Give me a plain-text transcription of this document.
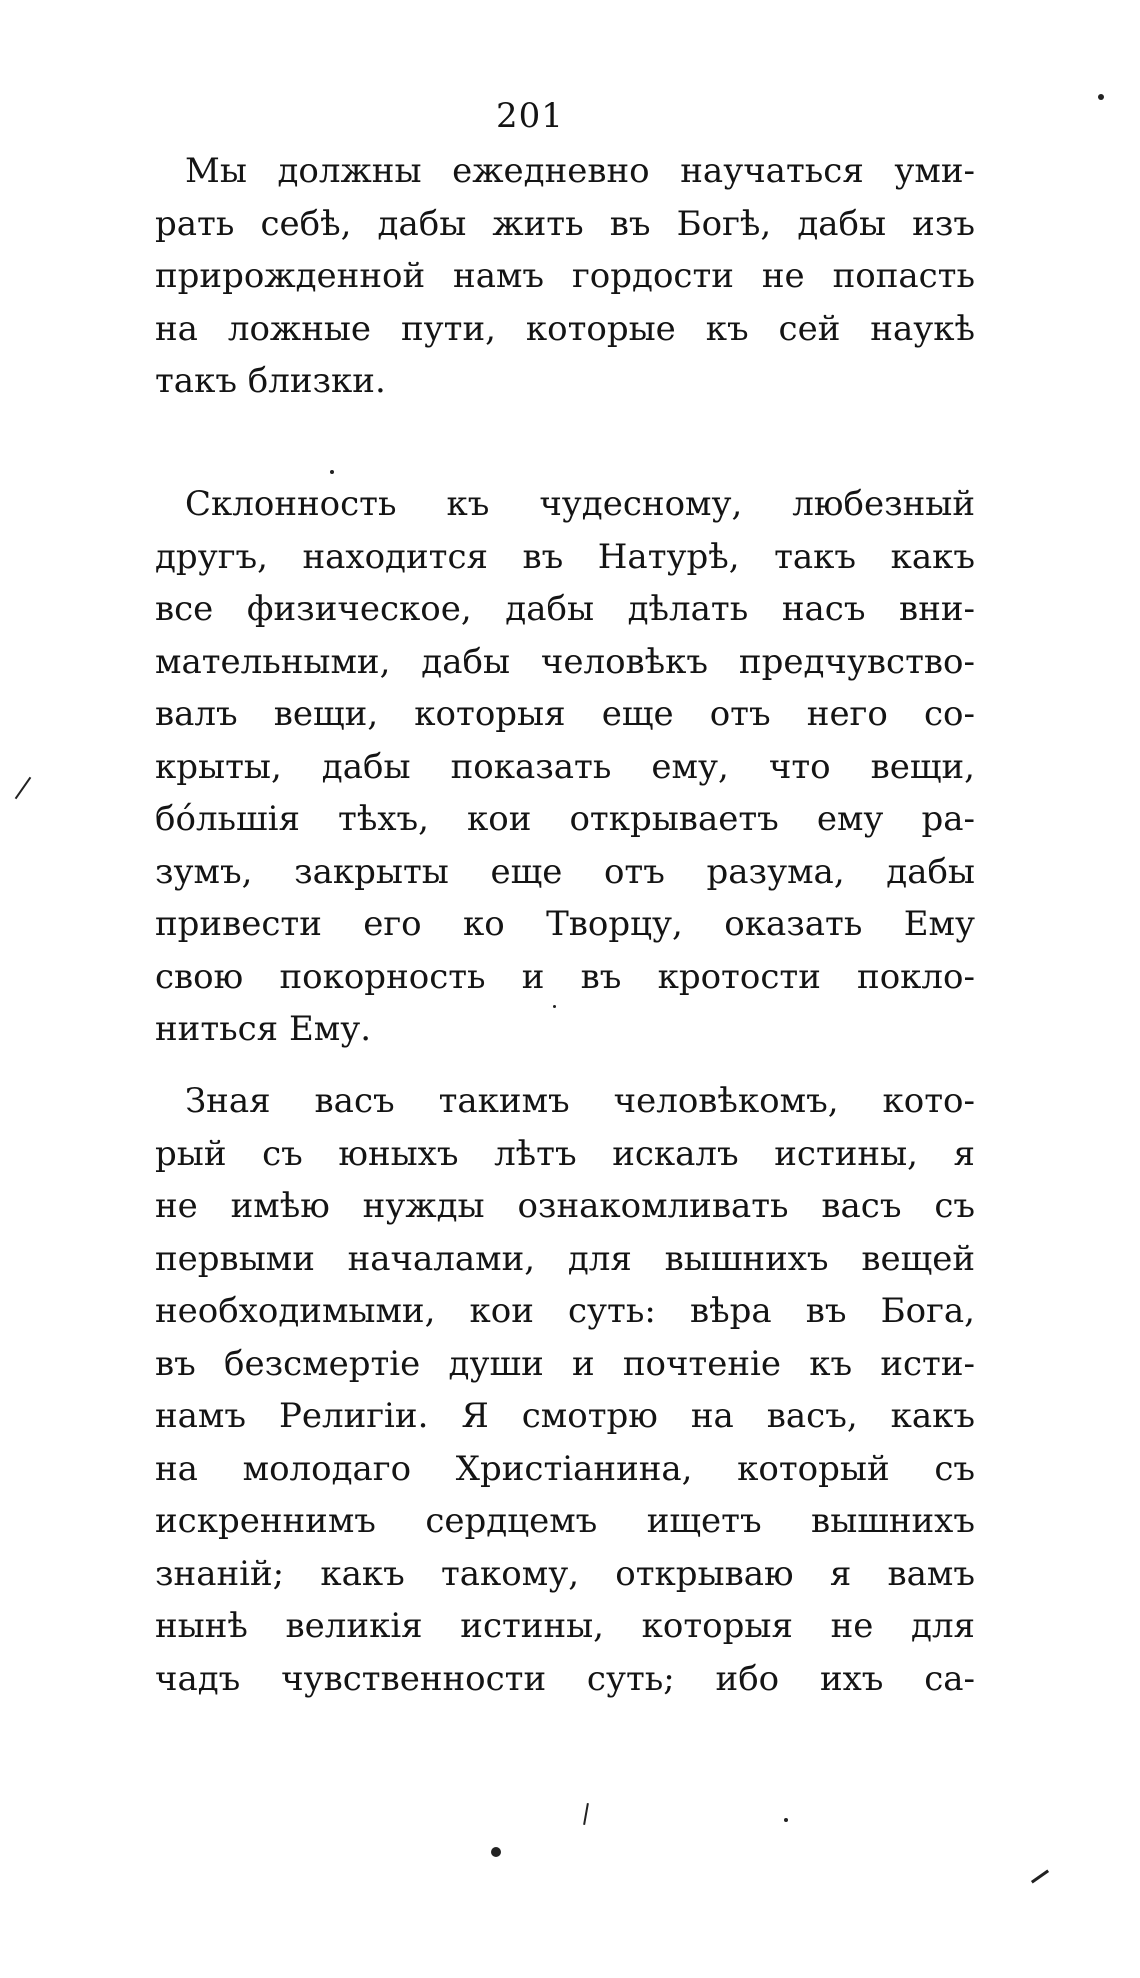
201
Мы должны ежедневно научаться уми-
рать себѣ, дабы жить въ Богѣ, дабы изъ
прирожденной намъ гордости не попасть
на ложные пути, которые къ сей наукѣ
такъ близки.
Склонность къ чудесному, любезный
другъ, находится въ Натурѣ, такъ какъ
все физическое, дабы дѣлать насъ вни-
мательными, дабы человѣкъ предчувство-
валъ вещи, которыя еще отъ него со-
крыты, дабы показать ему, что вещи,
бо́льшія тѣхъ, кои открываетъ ему ра-
зумъ, закрыты еще отъ разума, дабы
привести его ко Творцу, оказать Ему
свою покорность и въ кротости покло-
ниться Ему.
Зная васъ такимъ человѣкомъ, кото-
рый съ юныхъ лѣтъ искалъ истины, я
не имѣю нужды ознакомливать васъ съ
первыми началами, для вышнихъ вещей
необходимыми, кои суть: вѣра въ Бога,
въ безсмертіе души и почтеніе къ исти-
намъ Религіи. Я смотрю на васъ, какъ
на молодаго Христіанина, который съ
искреннимъ сердцемъ ищетъ вышнихъ
знаній; какъ такому, открываю я вамъ
нынѣ великія истины, которыя не для
чадъ чувственности суть; ибо ихъ са-
